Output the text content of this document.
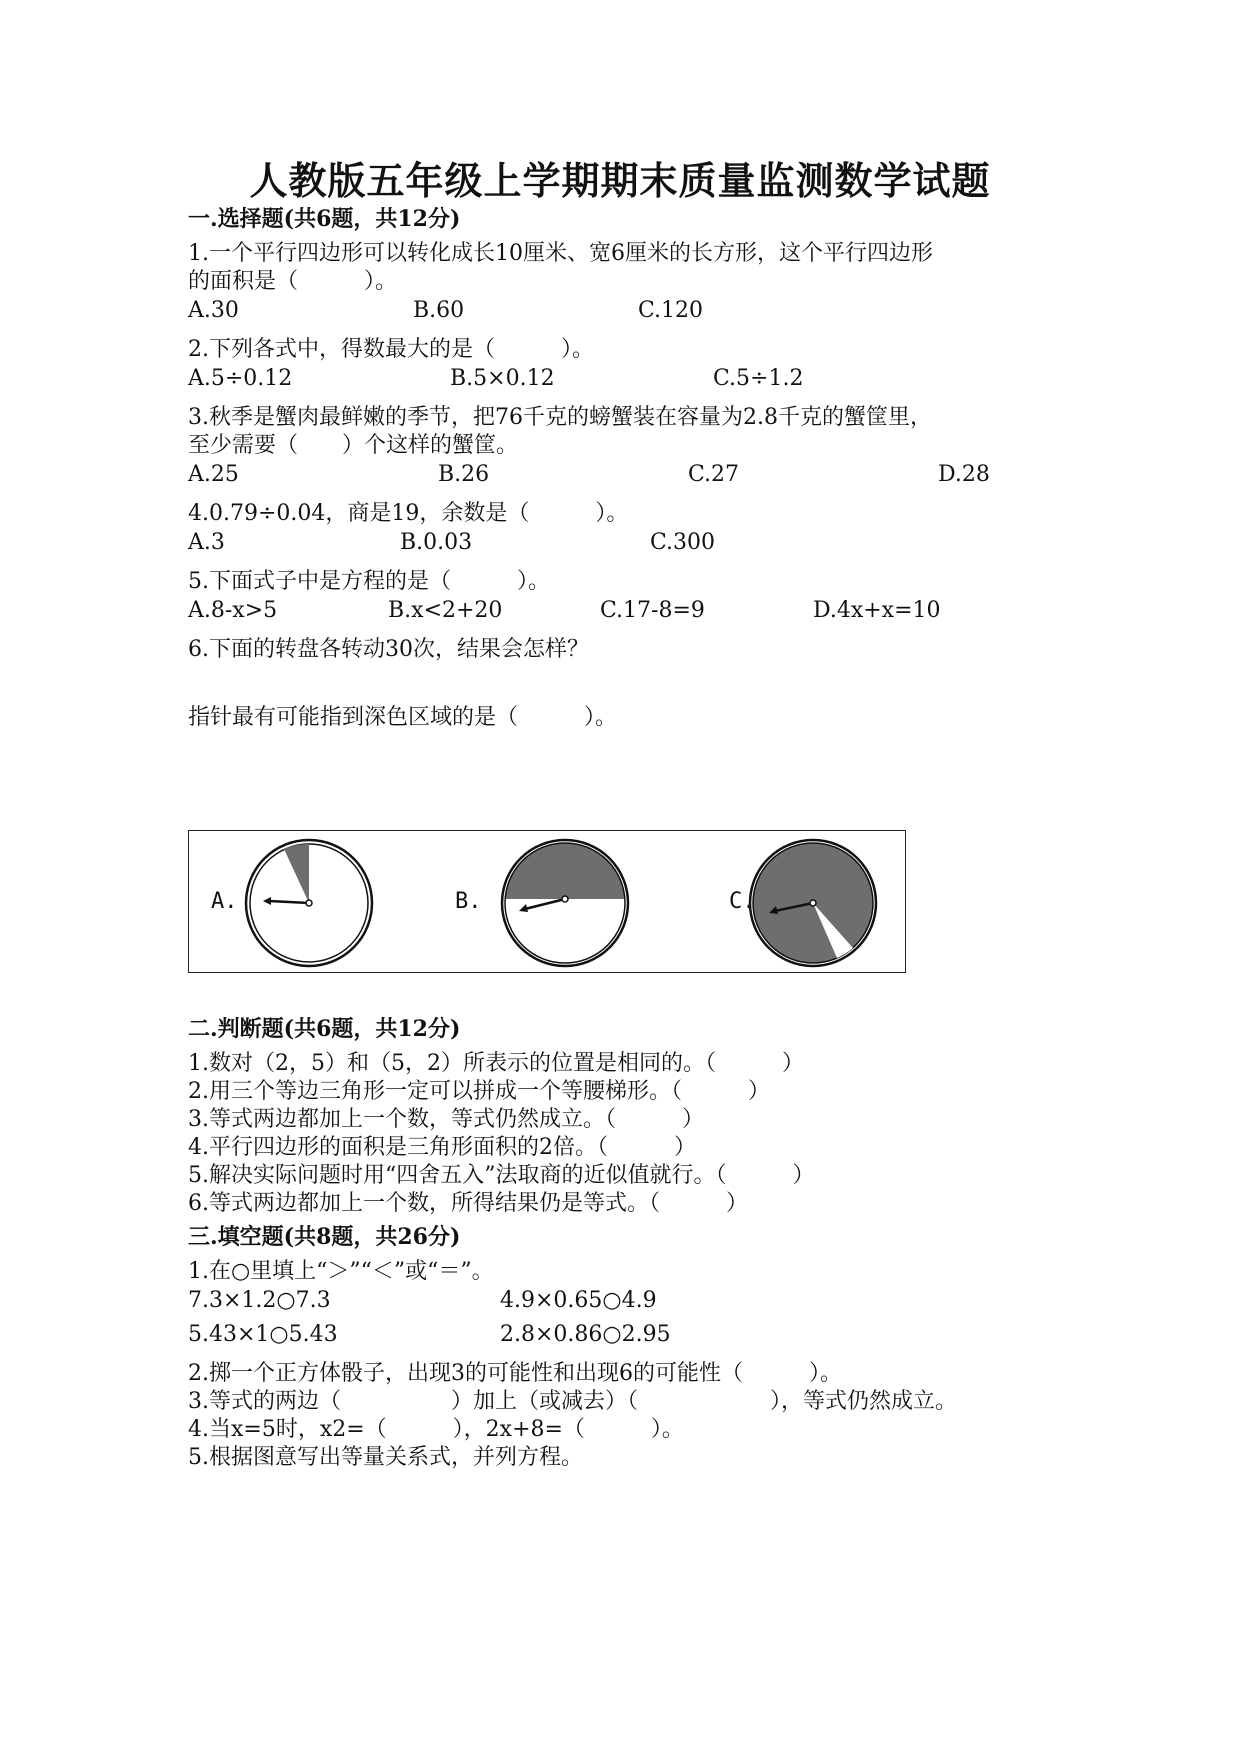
人教版五年级上学期期末质量监测数学试题
一.选择题(共6题，共12分)
1.一个平行四边形可以转化成长10厘米、宽6厘米的长方形，这个平行四边形
的面积是（　　　）。
A.30	B.60	C.120
2.下列各式中，得数最大的是（　　　）。
A.5÷0.12	B.5×0.12	C.5÷1.2
3.秋季是蟹肉最鲜嫩的季节，把76千克的螃蟹装在容量为2.8千克的蟹筐里，
至少需要（　　）个这样的蟹筐。
A.25	B.26	C.27	D.28
4.0.79÷0.04，商是19，余数是（　　　）。
A.3	B.0.03	C.300
5.下面式子中是方程的是（　　　）。
A.8-x>5	B.x<2+20	C.17-8=9	D.4x+x=10
6.下面的转盘各转动30次，结果会怎样？
指针最有可能指到深色区域的是（　　　）。
A.	B.	C.
二.判断题(共6题，共12分)
1.数对（2，5）和（5，2）所表示的位置是相同的。（　　　）
2.用三个等边三角形一定可以拼成一个等腰梯形。（　　　）
3.等式两边都加上一个数，等式仍然成立。（　　　）
4.平行四边形的面积是三角形面积的2倍。（　　　）
5.解决实际问题时用“四舍五入”法取商的近似值就行。（　　　）
6.等式两边都加上一个数，所得结果仍是等式。（　　　）
三.填空题(共8题，共26分)
1.在○里填上“＞”“＜”或“＝”。
7.3×1.2○7.3	4.9×0.65○4.9
5.43×1○5.43	2.8×0.86○2.95
2.掷一个正方体骰子，出现3的可能性和出现6的可能性（　　　）。
3.等式的两边（　　　　　）加上（或减去）（　　　　　　），等式仍然成立。
4.当x=5时，x2=（　　　），2x+8=（　　　）。
5.根据图意写出等量关系式，并列方程。
